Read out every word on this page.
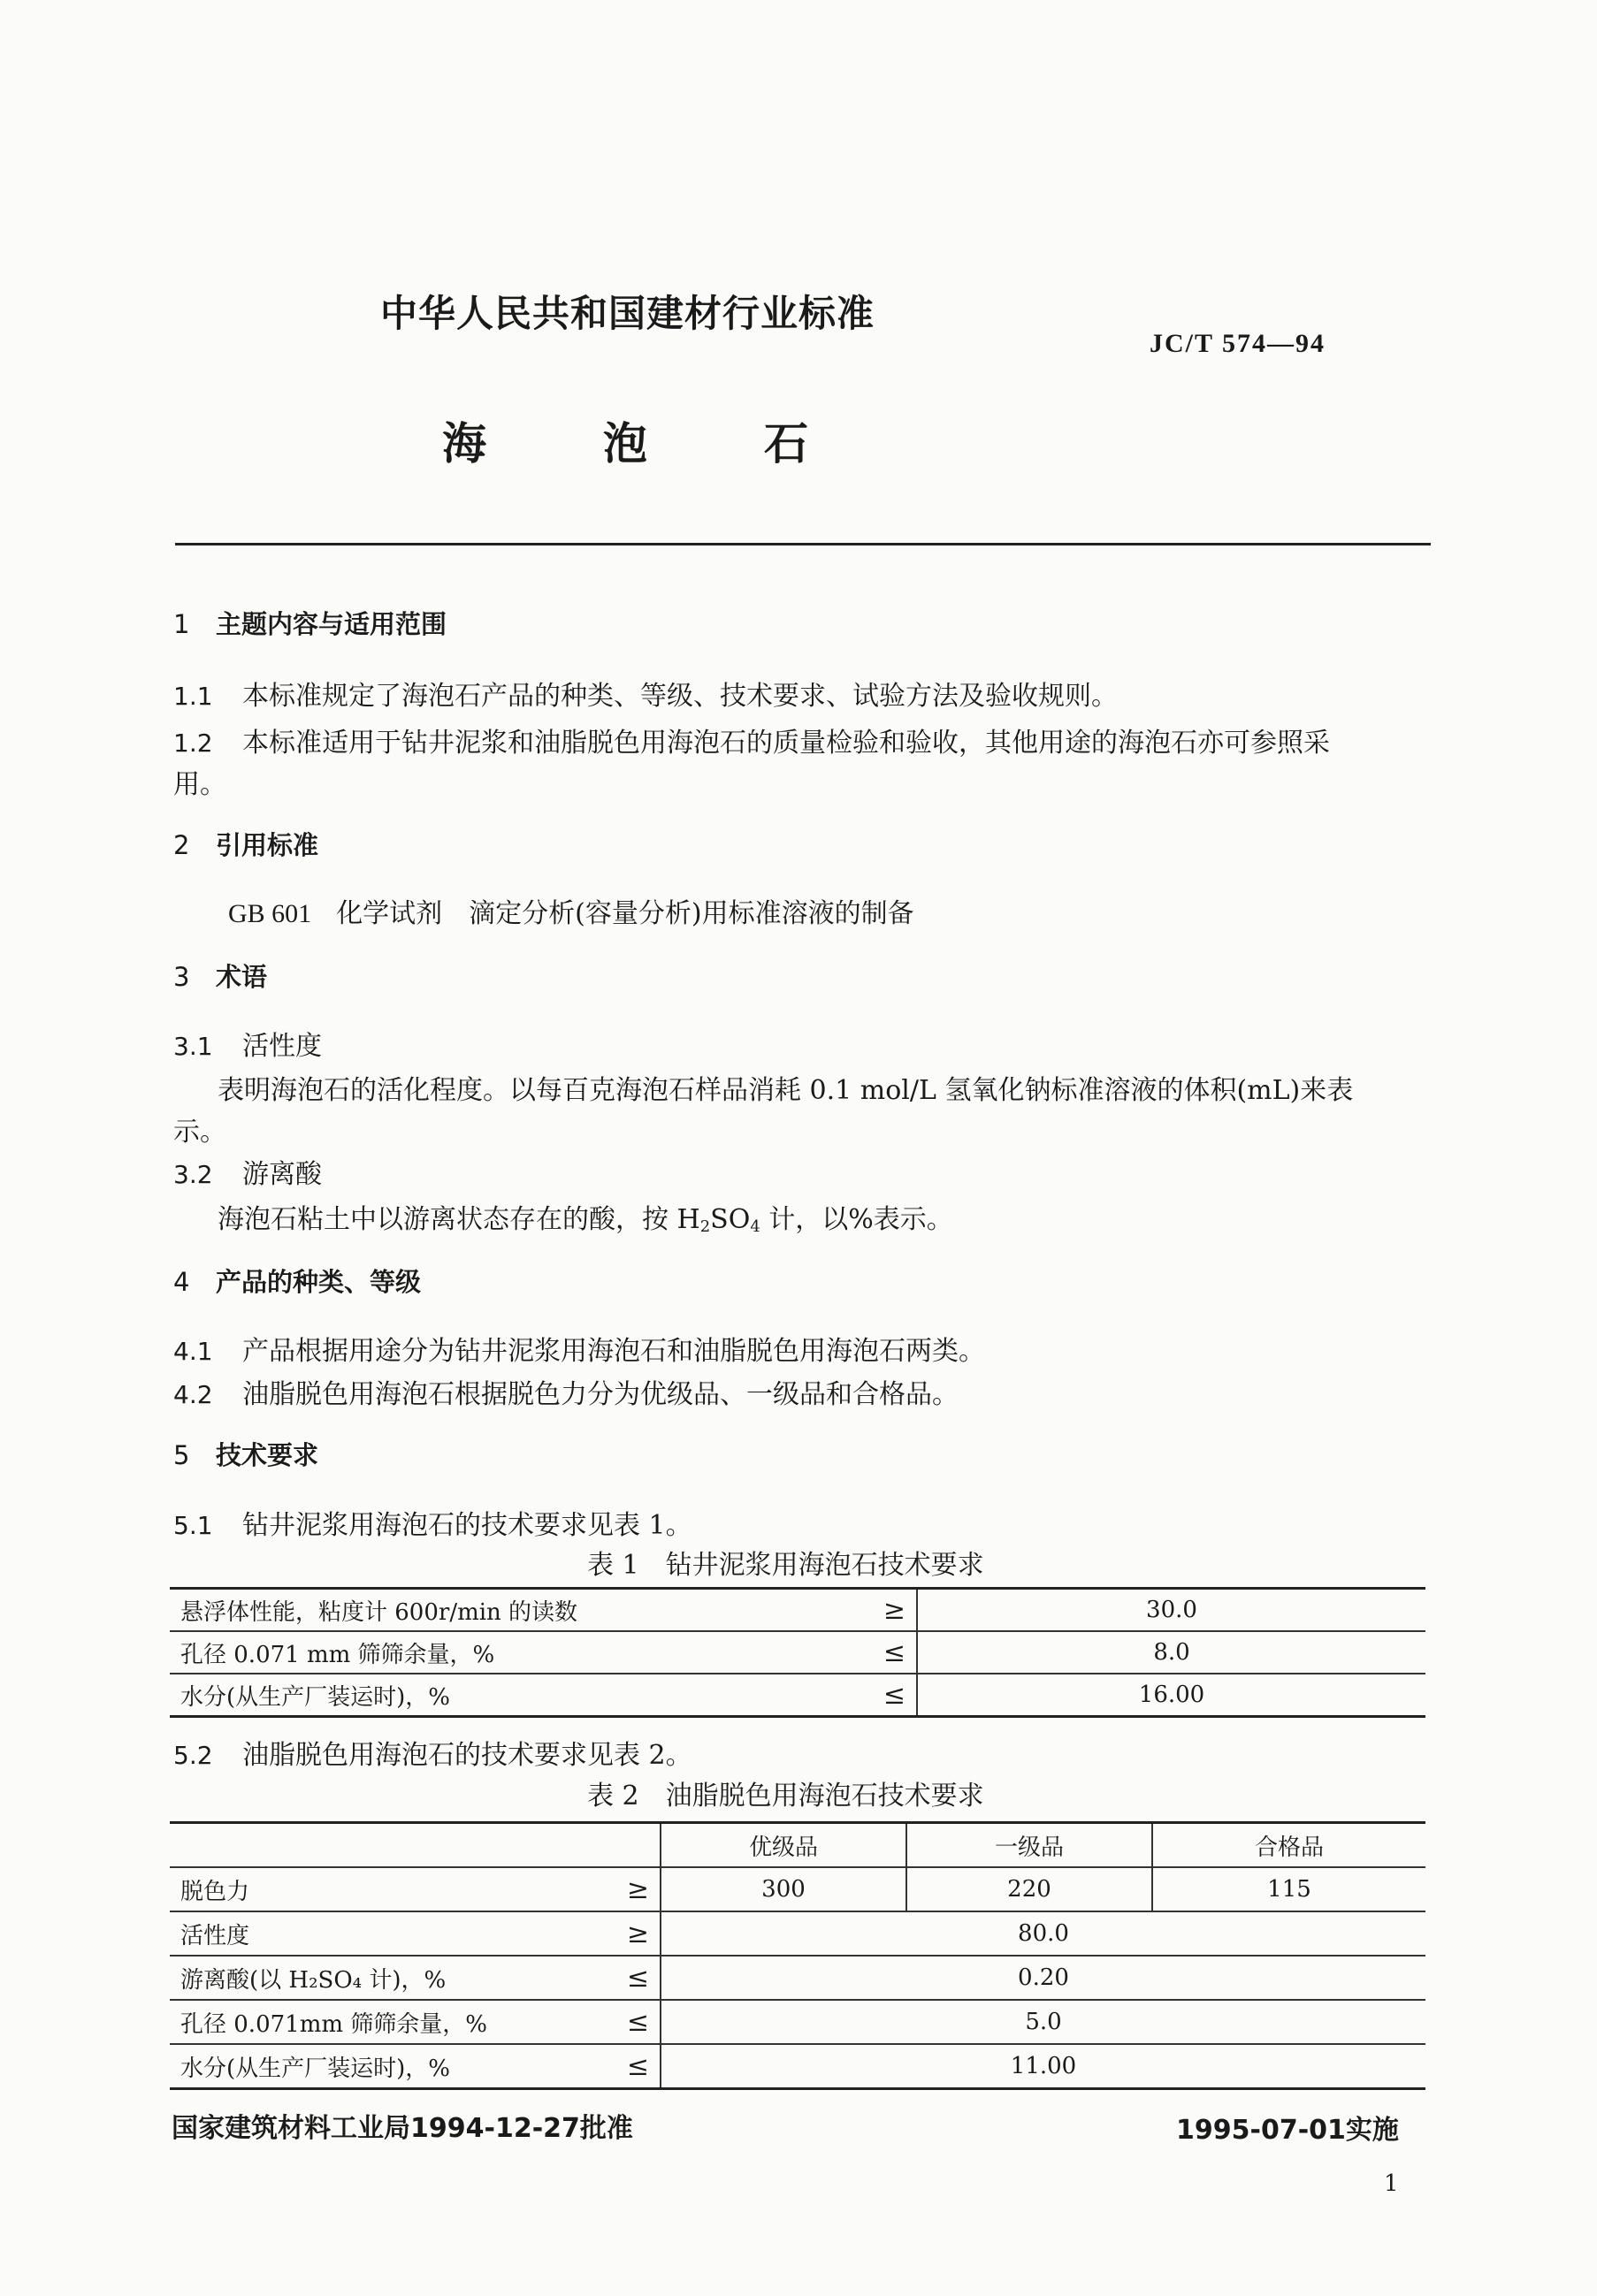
中华人民共和国建材行业标准
JC/T 574—94
海	泡	石
1 主题内容与适用范围
1.1 本标准规定了海泡石产品的种类、等级、技术要求、试验方法及验收规则。
1.2 本标准适用于钻井泥浆和油脂脱色用海泡石的质量检验和验收，其他用途的海泡石亦可参照采
用。
2 引用标准
GB 601 化学试剂　滴定分析(容量分析)用标准溶液的制备
3 术语
3.1 活性度
表明海泡石的活化程度。以每百克海泡石样品消耗 0.1 mol/L 氢氧化钠标准溶液的体积(mL)来表
示。
3.2 游离酸
海泡石粘土中以游离状态存在的酸，按 $H_2SO_4$ 计，以%表示。
4 产品的种类、等级
4.1 产品根据用途分为钻井泥浆用海泡石和油脂脱色用海泡石两类。
4.2 油脂脱色用海泡石根据脱色力分为优级品、一级品和合格品。
5 技术要求
5.1 钻井泥浆用海泡石的技术要求见表 1。
表 1　钻井泥浆用海泡石技术要求
悬浮体性能，粘度计 600r/min 的读数	≥	30.0
孔径 0.071 mm 筛筛余量，%	≤	8.0
水分(从生产厂装运时)，%	≤	16.00
5.2 油脂脱色用海泡石的技术要求见表 2。
表 2　油脂脱色用海泡石技术要求
		优级品	一级品	合格品
脱色力	≥	300	220	115
活性度	≥	80.0		
游离酸(以 H₂SO₄ 计)，%	≤	0.20		
孔径 0.071mm 筛筛余量，%	≤	5.0		
水分(从生产厂装运时)，%	≤	11.00		
国家建筑材料工业局1994-12-27批准	1995-07-01实施
1
